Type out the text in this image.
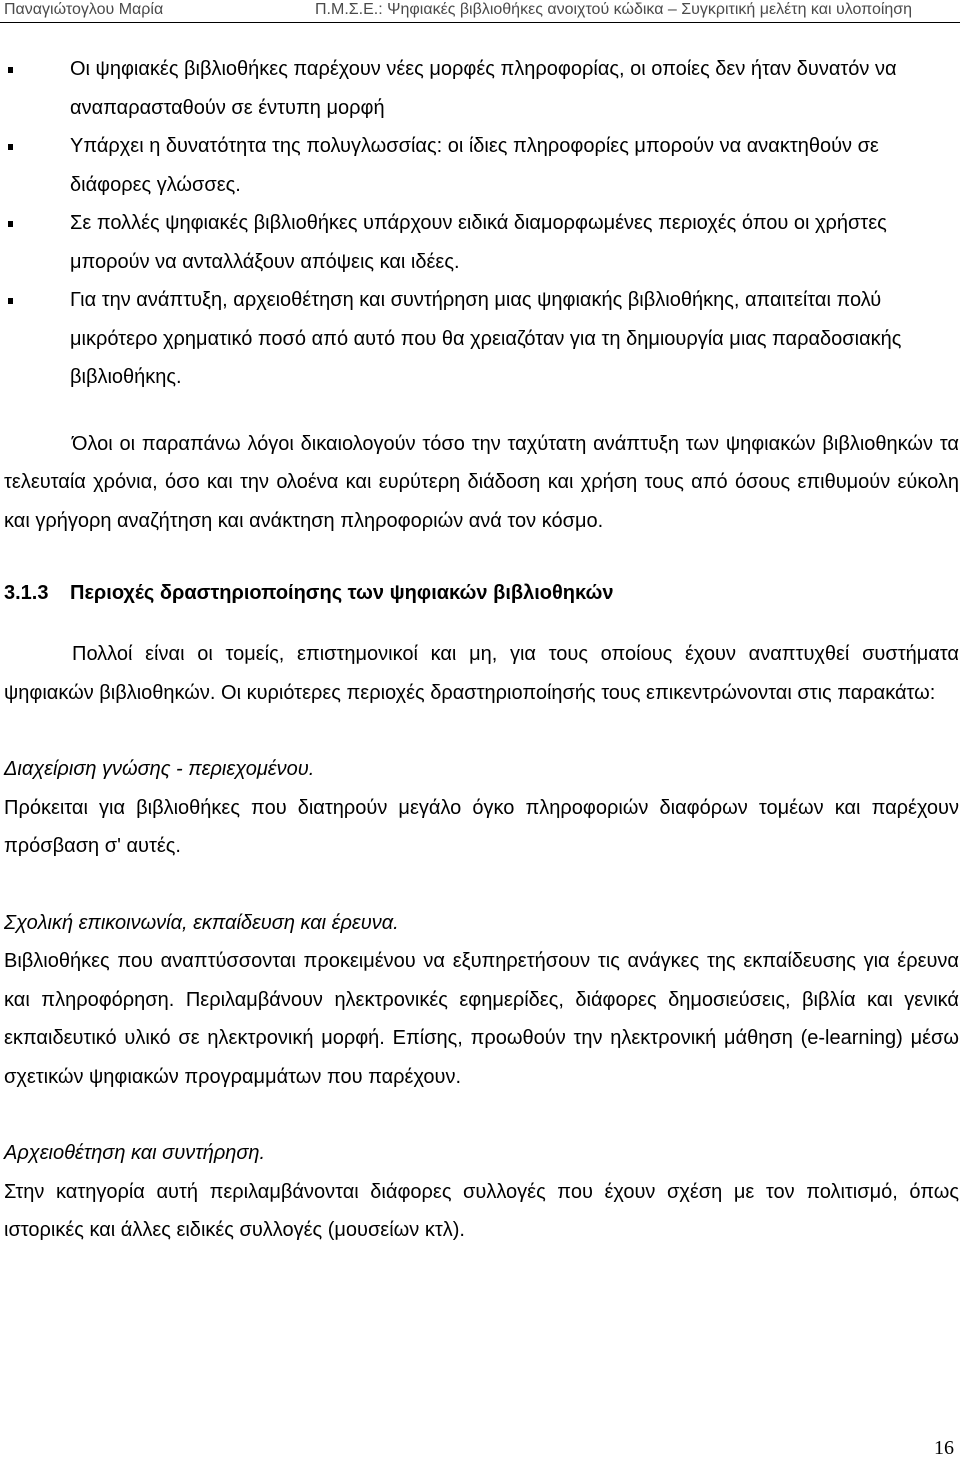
Παναγιώτογλου Μαρία	Π.Μ.Σ.Ε.: Ψηφιακές βιβλιοθήκες ανοιχτού κώδικα – Συγκριτική μελέτη και υλοποίηση
Οι ψηφιακές βιβλιοθήκες παρέχουν νέες μορφές πληροφορίας, οι οποίες δεν ήταν δυνατόν να αναπαρασταθούν σε έντυπη μορφή
Υπάρχει η δυνατότητα της πολυγλωσσίας: οι ίδιες πληροφορίες μπορούν να ανακτηθούν σε διάφορες γλώσσες.
Σε πολλές ψηφιακές βιβλιοθήκες υπάρχουν ειδικά διαμορφωμένες περιοχές όπου οι χρήστες μπορούν να ανταλλάξουν απόψεις και ιδέες.
Για την ανάπτυξη, αρχειοθέτηση και συντήρηση μιας ψηφιακής βιβλιοθήκης, απαιτείται πολύ μικρότερο χρηματικό ποσό από αυτό που θα χρειαζόταν για τη δημιουργία μιας παραδοσιακής βιβλιοθήκης.

Όλοι οι παραπάνω λόγοι δικαιολογούν τόσο την ταχύτατη ανάπτυξη των ψηφιακών βιβλιοθηκών τα τελευταία χρόνια, όσο και την ολοένα και ευρύτερη διάδοση και χρήση τους από όσους επιθυμούν εύκολη και γρήγορη αναζήτηση και ανάκτηση πληροφοριών ανά τον κόσμο.

3.1.3 Περιοχές δραστηριοποίησης των ψηφιακών βιβλιοθηκών

Πολλοί είναι οι τομείς, επιστημονικοί και μη, για τους οποίους έχουν αναπτυχθεί συστήματα ψηφιακών βιβλιοθηκών. Οι κυριότερες περιοχές δραστηριοποίησής τους επικεντρώνονται στις παρακάτω:

Διαχείριση γνώσης - περιεχομένου.

Πρόκειται για βιβλιοθήκες που διατηρούν μεγάλο όγκο πληροφοριών διαφόρων τομέων και παρέχουν πρόσβαση σ' αυτές.

Σχολική επικοινωνία, εκπαίδευση και έρευνα.

Βιβλιοθήκες που αναπτύσσονται προκειμένου να εξυπηρετήσουν τις ανάγκες της εκπαίδευσης για έρευνα και πληροφόρηση. Περιλαμβάνουν ηλεκτρονικές εφημερίδες, διάφορες δημοσιεύσεις, βιβλία και γενικά εκπαιδευτικό υλικό σε ηλεκτρονική μορφή. Επίσης, προωθούν την ηλεκτρονική μάθηση (e-learning) μέσω σχετικών ψηφιακών προγραμμάτων που παρέχουν.

Αρχειοθέτηση και συντήρηση.

Στην κατηγορία αυτή περιλαμβάνονται διάφορες συλλογές που έχουν σχέση με τον πολιτισμό, όπως ιστορικές και άλλες ειδικές συλλογές (μουσείων κτλ).

16
